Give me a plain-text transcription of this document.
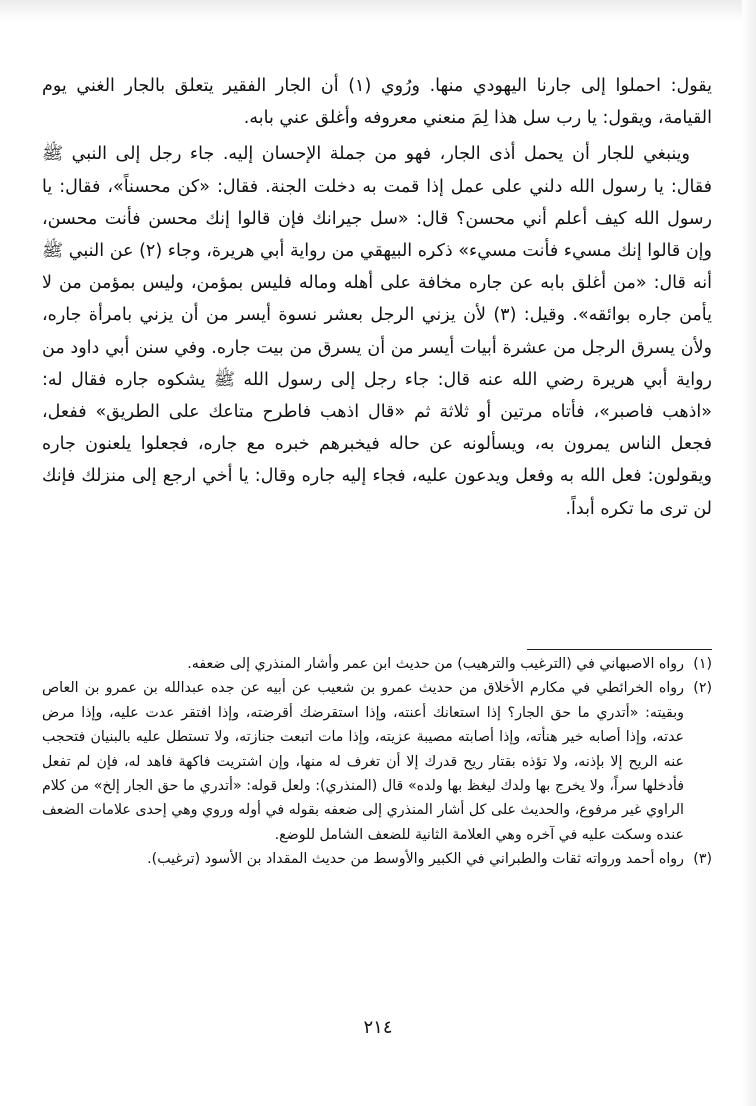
يقول: احملوا إلى جارنا اليهودي منها. ورُوي (١) أن الجار الفقير يتعلق بالجار الغني يوم القيامة، ويقول: يا رب سل هذا لِمَ منعني معروفه وأغلق عني بابه.

وينبغي للجار أن يحمل أذى الجار، فهو من جملة الإحسان إليه. جاء رجل إلى النبي ﷺ فقال: يا رسول الله دلني على عمل إذا قمت به دخلت الجنة. فقال: «كن محسناً»، فقال: يا رسول الله كيف أعلم أني محسن؟ قال: «سل جيرانك فإن قالوا إنك محسن فأنت محسن، وإن قالوا إنك مسيء فأنت مسيء» ذكره البيهقي من رواية أبي هريرة، وجاء (٢) عن النبي ﷺ أنه قال: «من أغلق بابه عن جاره مخافة على أهله وماله فليس بمؤمن، وليس بمؤمن من لا يأمن جاره بوائقه». وقيل: (٣) لأن يزني الرجل بعشر نسوة أيسر من أن يزني بامرأة جاره، ولأن يسرق الرجل من عشرة أبيات أيسر من أن يسرق من بيت جاره. وفي سنن أبي داود من رواية أبي هريرة رضي الله عنه قال: جاء رجل إلى رسول الله ﷺ يشكوه جاره فقال له: «اذهب فاصبر»، فأتاه مرتين أو ثلاثة ثم «قال اذهب فاطرح متاعك على الطريق» ففعل، فجعل الناس يمرون به، ويسألونه عن حاله فيخبرهم خبره مع جاره، فجعلوا يلعنون جاره ويقولون: فعل الله به وفعل ويدعون عليه، فجاء إليه جاره وقال: يا أخي ارجع إلى منزلك فإنك لن ترى ما تكره أبداً.

(١)
رواه الاصبهاني في (الترغيب والترهيب) من حديث ابن عمر وأشار المنذري إلى ضعفه.
(٢)
رواه الخرائطي في مكارم الأخلاق من حديث عمرو بن شعيب عن أبيه عن جده عبدالله بن عمرو بن العاص وبقيته: «أتدري ما حق الجار؟ إذا استعانك أعنته، وإذا استقرضك أقرضته، وإذا افتقر عدت عليه، وإذا مرض عدته، وإذا أصابه خير هنأته، وإذا أصابته مصيبة عزيته، وإذا مات اتبعت جنازته، ولا تستطل عليه بالبنيان فتحجب عنه الريح إلا بإذنه، ولا تؤذه بقتار ريح قدرك إلا أن تغرف له منها، وإن اشتريت فاكهة فاهد له، فإن لم تفعل فأدخلها سراً، ولا يخرج بها ولدك ليغظ بها ولده» قال (المنذري): ولعل قوله: «أتدري ما حق الجار إلخ» من كلام الراوي غير مرفوع، والحديث على كل أشار المنذري إلى ضعفه بقوله في أوله وروي وهي إحدى علامات الضعف عنده وسكت عليه في آخره وهي العلامة الثانية للضعف الشامل للوضع.
(٣)
رواه أحمد ورواته ثقات والطبراني في الكبير والأوسط من حديث المقداد بن الأسود (ترغيب).
٢١٤
